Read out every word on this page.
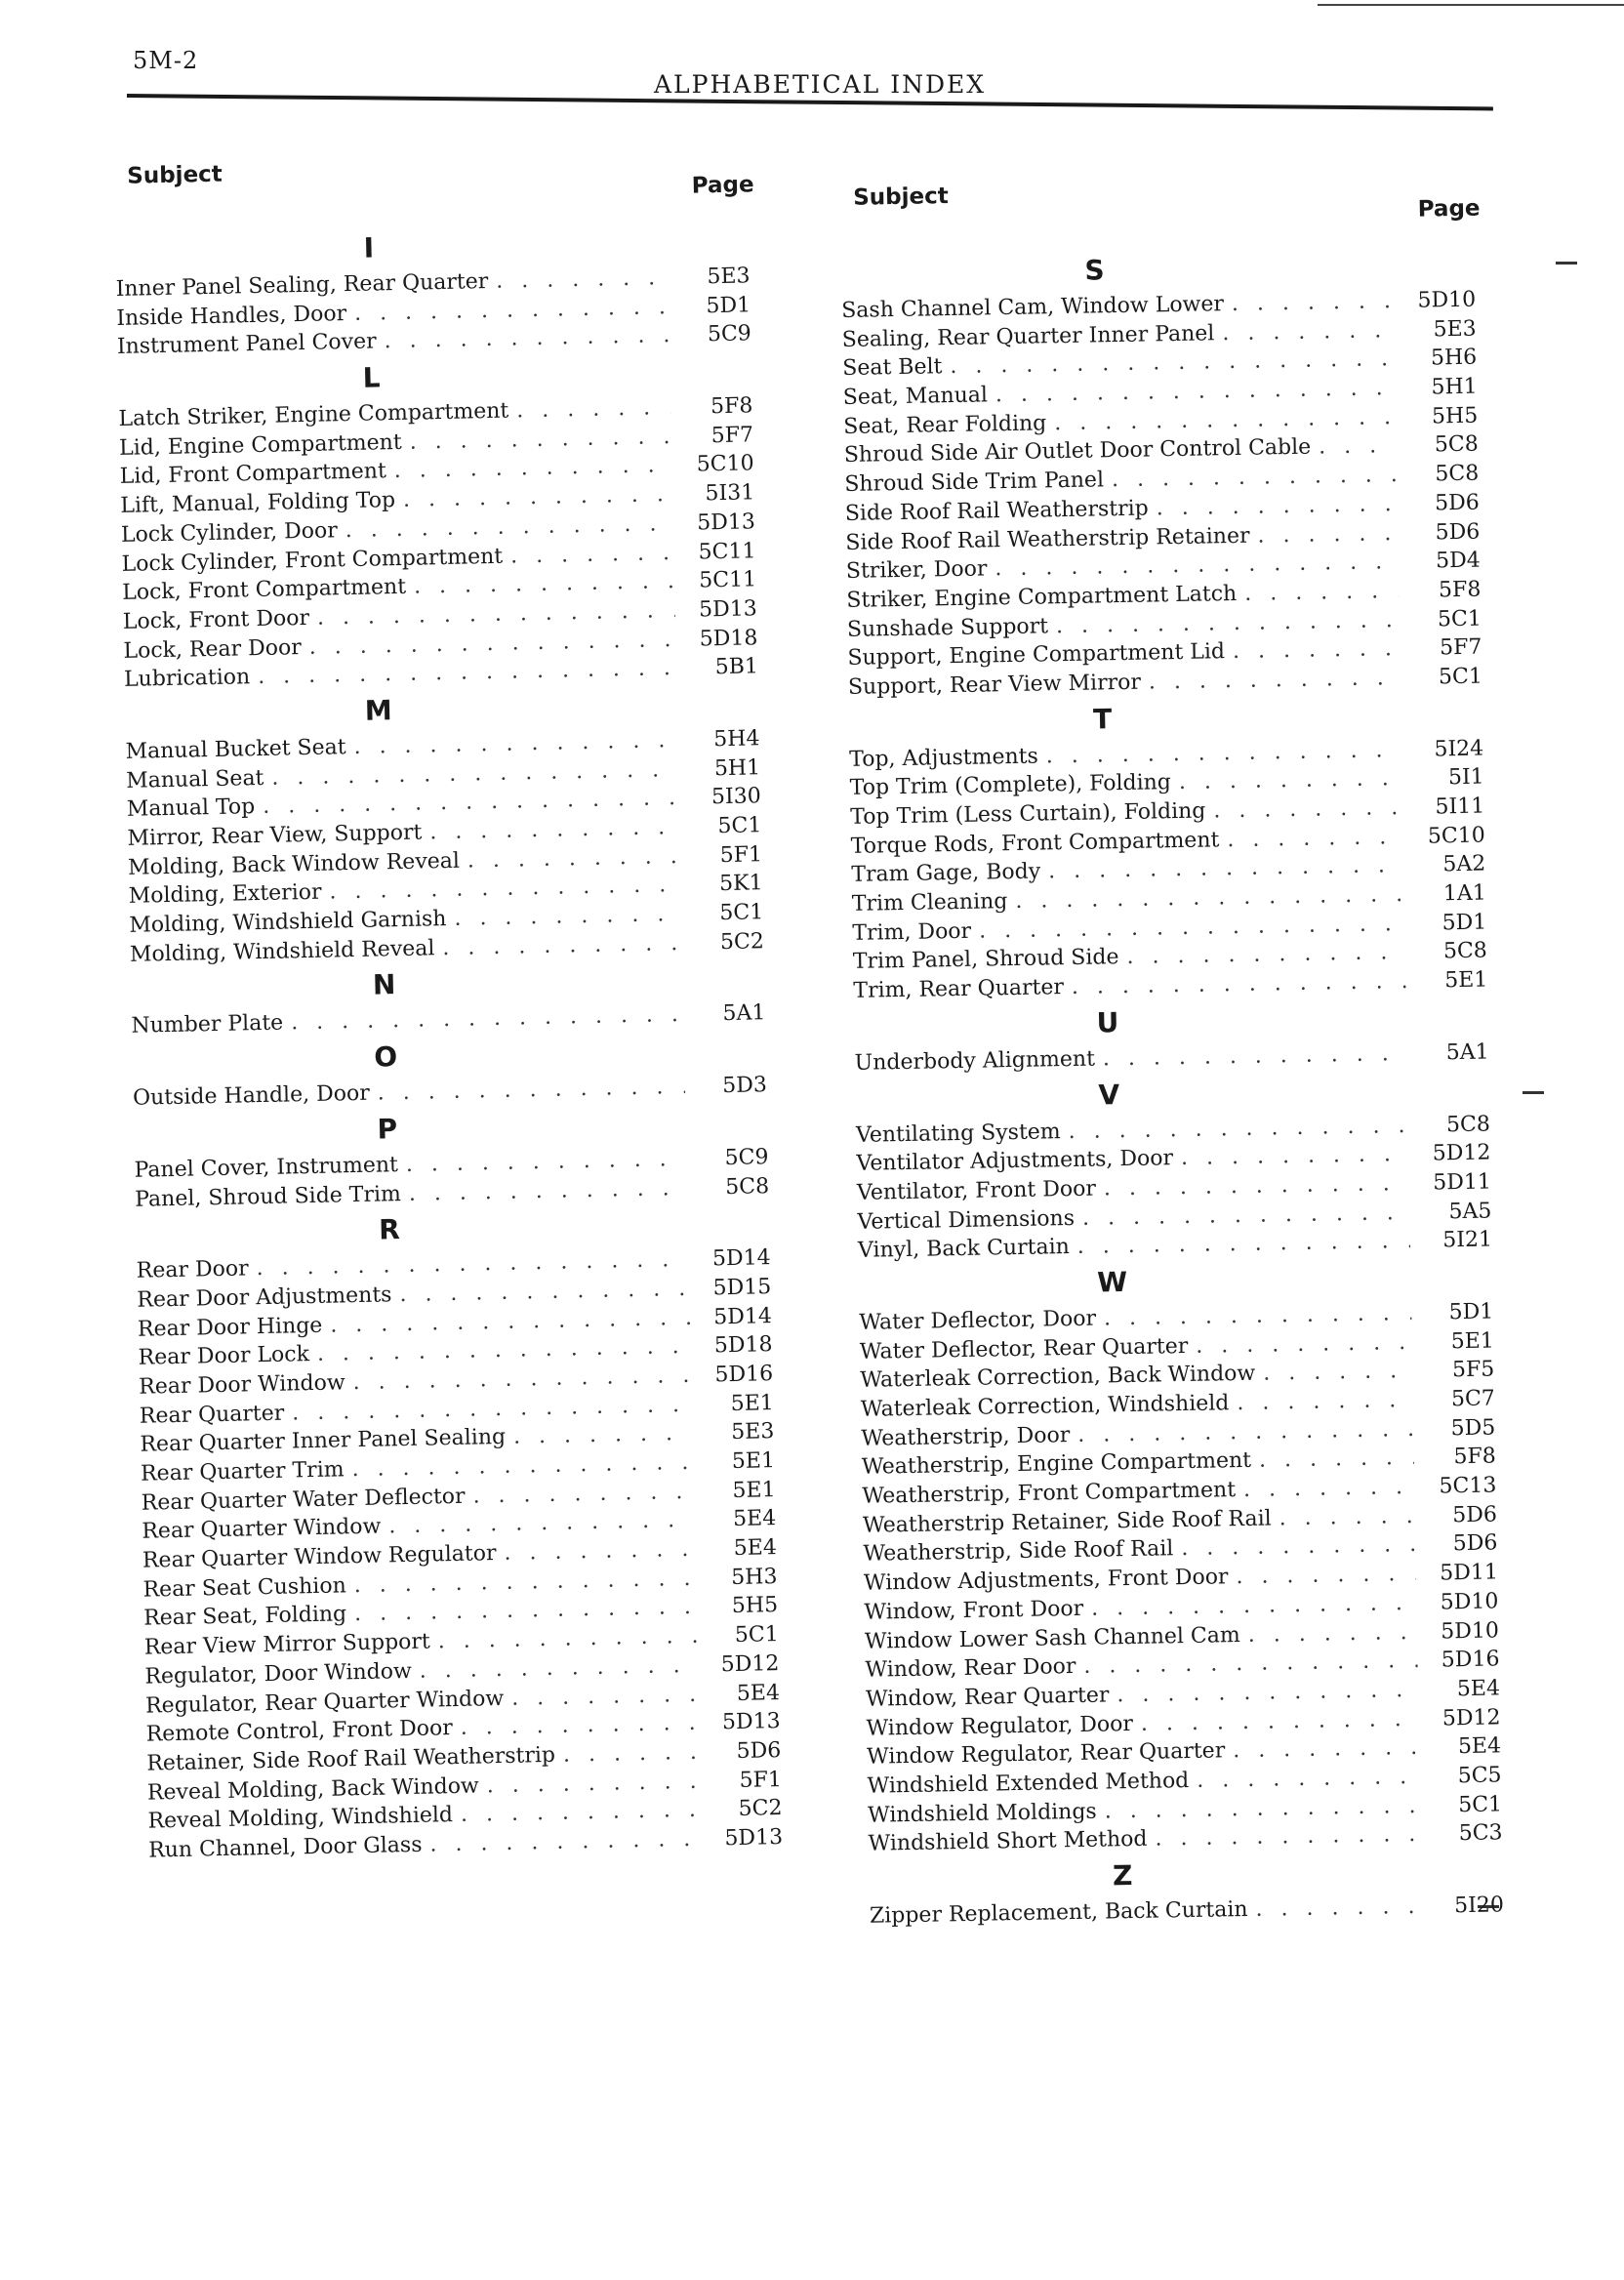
5M-2
ALPHABETICAL INDEX
Subject	Page
I
Inner Panel Sealing, Rear Quarter . . .	5E3
Inside Handles, Door . . .	5D1
Instrument Panel Cover . . .	5C9
L
Latch Striker, Engine Compartment . . .	5F8
Lid, Engine Compartment . . .	5F7
Lid, Front Compartment . . .	5C10
Lift, Manual, Folding Top . . .	5I31
Lock Cylinder, Door . . .	5D13
Lock Cylinder, Front Compartment . . .	5C11
Lock, Front Compartment . . .	5C11
Lock, Front Door . . .	5D13
Lock, Rear Door . . .	5D18
Lubrication . . .	5B1
M
Manual Bucket Seat . . .	5H4
Manual Seat . . .	5H1
Manual Top . . .	5I30
Mirror, Rear View, Support . . .	5C1
Molding, Back Window Reveal . . .	5F1
Molding, Exterior . . .	5K1
Molding, Windshield Garnish . . .	5C1
Molding, Windshield Reveal . . .	5C2
N
Number Plate . . .	5A1
O
Outside Handle, Door . . .	5D3
P
Panel Cover, Instrument . . .	5C9
Panel, Shroud Side Trim . . .	5C8
R
Rear Door . . .	5D14
Rear Door Adjustments . . .	5D15
Rear Door Hinge . . .	5D14
Rear Door Lock . . .	5D18
Rear Door Window . . .	5D16
Rear Quarter . . .	5E1
Rear Quarter Inner Panel Sealing . . .	5E3
Rear Quarter Trim . . .	5E1
Rear Quarter Water Deflector . . .	5E1
Rear Quarter Window . . .	5E4
Rear Quarter Window Regulator . . .	5E4
Rear Seat Cushion . . .	5H3
Rear Seat, Folding . . .	5H5
Rear View Mirror Support . . .	5C1
Regulator, Door Window . . .	5D12
Regulator, Rear Quarter Window . . .	5E4
Remote Control, Front Door . . .	5D13
Retainer, Side Roof Rail Weatherstrip . . .	5D6
Reveal Molding, Back Window . . .	5F1
Reveal Molding, Windshield . . .	5C2
Run Channel, Door Glass . . .	5D13
Subject	Page
S
Sash Channel Cam, Window Lower . . .	5D10
Sealing, Rear Quarter Inner Panel . . .	5E3
Seat Belt . . .	5H6
Seat, Manual . . .	5H1
Seat, Rear Folding . . .	5H5
Shroud Side Air Outlet Door Control Cable . . .	5C8
Shroud Side Trim Panel . . .	5C8
Side Roof Rail Weatherstrip . . .	5D6
Side Roof Rail Weatherstrip Retainer . . .	5D6
Striker, Door . . .	5D4
Striker, Engine Compartment Latch . . .	5F8
Sunshade Support . . .	5C1
Support, Engine Compartment Lid . . .	5F7
Support, Rear View Mirror . . .	5C1
T
Top, Adjustments . . .	5I24
Top Trim (Complete), Folding . . .	5I1
Top Trim (Less Curtain), Folding . . .	5I11
Torque Rods, Front Compartment . . .	5C10
Tram Gage, Body . . .	5A2
Trim Cleaning . . .	1A1
Trim, Door . . .	5D1
Trim Panel, Shroud Side . . .	5C8
Trim, Rear Quarter . . .	5E1
U
Underbody Alignment . . .	5A1
V
Ventilating System . . .	5C8
Ventilator Adjustments, Door . . .	5D12
Ventilator, Front Door . . .	5D11
Vertical Dimensions . . .	5A5
Vinyl, Back Curtain . . .	5I21
W
Water Deflector, Door . . .	5D1
Water Deflector, Rear Quarter . . .	5E1
Waterleak Correction, Back Window . . .	5F5
Waterleak Correction, Windshield . . .	5C7
Weatherstrip, Door . . .	5D5
Weatherstrip, Engine Compartment . . .	5F8
Weatherstrip, Front Compartment . . .	5C13
Weatherstrip Retainer, Side Roof Rail . . .	5D6
Weatherstrip, Side Roof Rail . . .	5D6
Window Adjustments, Front Door . . .	5D11
Window, Front Door . . .	5D10
Window Lower Sash Channel Cam . . .	5D10
Window, Rear Door . . .	5D16
Window, Rear Quarter . . .	5E4
Window Regulator, Door . . .	5D12
Window Regulator, Rear Quarter . . .	5E4
Windshield Extended Method . . .	5C5
Windshield Moldings . . .	5C1
Windshield Short Method . . .	5C3
Z
Zipper Replacement, Back Curtain . . .	5I20
